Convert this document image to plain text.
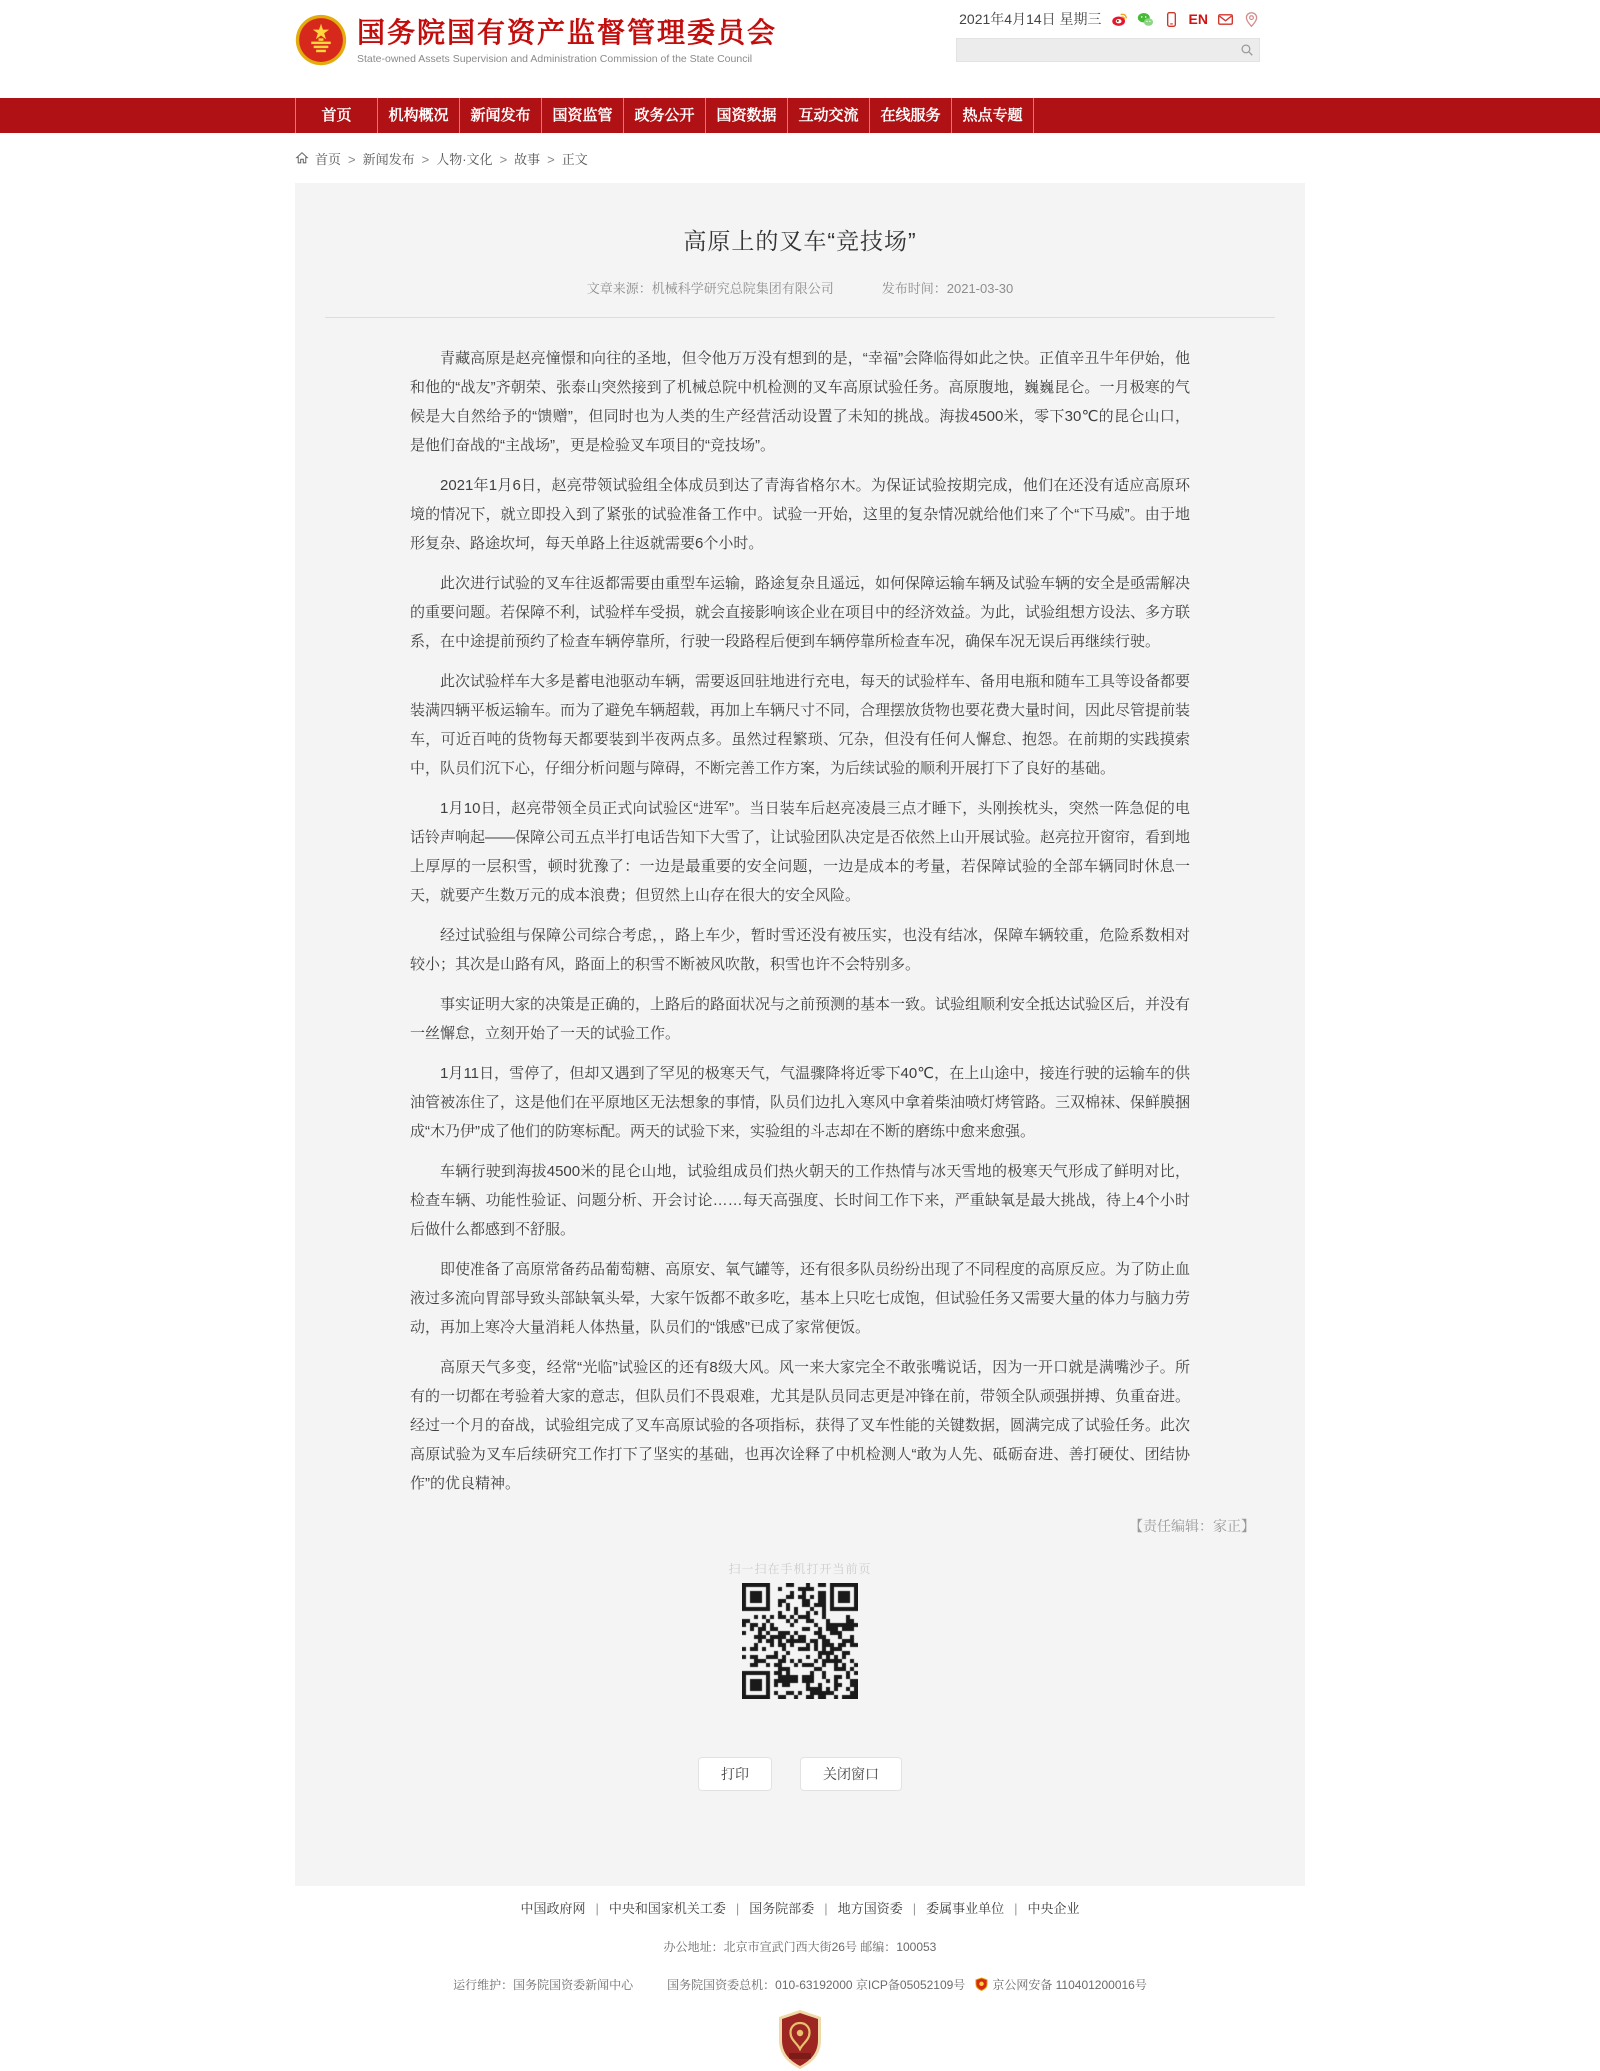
国务院国有资产监督管理委员会
State-owned Assets Supervision and Administration Commission of the State Council
2021年4月14日 星期三	EN
首页	机构概况	新闻发布	国资监管	政务公开	国资数据	互动交流	在线服务	热点专题
首页 > 新闻发布 > 人物·文化 > 故事 > 正文
高原上的叉车“竞技场”
文章来源：机械科学研究总院集团有限公司	发布时间：2021-03-30

青藏高原是赵亮憧憬和向往的圣地，但令他万万没有想到的是，“幸福”会降临得如此之快。正值辛丑牛年伊始，他和他的“战友”齐朝荣、张泰山突然接到了机械总院中机检测的叉车高原试验任务。高原腹地，巍巍昆仑。一月极寒的气候是大自然给予的“馈赠”，但同时也为人类的生产经营活动设置了未知的挑战。海拔4500米，零下30℃的昆仑山口，是他们奋战的“主战场”，更是检验叉车项目的“竞技场”。

2021年1月6日，赵亮带领试验组全体成员到达了青海省格尔木。为保证试验按期完成，他们在还没有适应高原环境的情况下，就立即投入到了紧张的试验准备工作中。试验一开始，这里的复杂情况就给他们来了个“下马威”。由于地形复杂、路途坎坷，每天单路上往返就需要6个小时。

此次进行试验的叉车往返都需要由重型车运输，路途复杂且遥远，如何保障运输车辆及试验车辆的安全是亟需解决的重要问题。若保障不利，试验样车受损，就会直接影响该企业在项目中的经济效益。为此，试验组想方设法、多方联系，在中途提前预约了检查车辆停靠所，行驶一段路程后便到车辆停靠所检查车况，确保车况无误后再继续行驶。

此次试验样车大多是蓄电池驱动车辆，需要返回驻地进行充电，每天的试验样车、备用电瓶和随车工具等设备都要装满四辆平板运输车。而为了避免车辆超载，再加上车辆尺寸不同，合理摆放货物也要花费大量时间，因此尽管提前装车，可近百吨的货物每天都要装到半夜两点多。虽然过程繁琐、冗杂，但没有任何人懈怠、抱怨。在前期的实践摸索中，队员们沉下心，仔细分析问题与障碍，不断完善工作方案，为后续试验的顺利开展打下了良好的基础。

1月10日，赵亮带领全员正式向试验区“进军”。当日装车后赵亮凌晨三点才睡下，头刚挨枕头，突然一阵急促的电话铃声响起——保障公司五点半打电话告知下大雪了，让试验团队决定是否依然上山开展试验。赵亮拉开窗帘，看到地上厚厚的一层积雪，顿时犹豫了：一边是最重要的安全问题，一边是成本的考量，若保障试验的全部车辆同时休息一天，就要产生数万元的成本浪费；但贸然上山存在很大的安全风险。

经过试验组与保障公司综合考虑，，路上车少，暂时雪还没有被压实，也没有结冰，保障车辆较重，危险系数相对较小；其次是山路有风，路面上的积雪不断被风吹散，积雪也许不会特别多。

事实证明大家的决策是正确的，上路后的路面状况与之前预测的基本一致。试验组顺利安全抵达试验区后，并没有一丝懈怠，立刻开始了一天的试验工作。

1月11日，雪停了，但却又遇到了罕见的极寒天气，气温骤降将近零下40℃，在上山途中，接连行驶的运输车的供油管被冻住了，这是他们在平原地区无法想象的事情，队员们边扎入寒风中拿着柴油喷灯烤管路。三双棉袜、保鲜膜捆成“木乃伊”成了他们的防寒标配。两天的试验下来，实验组的斗志却在不断的磨练中愈来愈强。

车辆行驶到海拔4500米的昆仑山地，试验组成员们热火朝天的工作热情与冰天雪地的极寒天气形成了鲜明对比，检查车辆、功能性验证、问题分析、开会讨论……每天高强度、长时间工作下来，严重缺氧是最大挑战，待上4个小时后做什么都感到不舒服。

即使准备了高原常备药品葡萄糖、高原安、氧气罐等，还有很多队员纷纷出现了不同程度的高原反应。为了防止血液过多流向胃部导致头部缺氧头晕，大家午饭都不敢多吃，基本上只吃七成饱，但试验任务又需要大量的体力与脑力劳动，再加上寒冷大量消耗人体热量，队员们的“饿感”已成了家常便饭。

高原天气多变，经常“光临”试验区的还有8级大风。风一来大家完全不敢张嘴说话，因为一开口就是满嘴沙子。所有的一切都在考验着大家的意志，但队员们不畏艰难，尤其是队员同志更是冲锋在前，带领全队顽强拼搏、负重奋进。经过一个月的奋战，试验组完成了叉车高原试验的各项指标，获得了叉车性能的关键数据，圆满完成了试验任务。此次高原试验为叉车后续研究工作打下了坚实的基础，也再次诠释了中机检测人“敢为人先、砥砺奋进、善打硬仗、团结协作”的优良精神。

【责任编辑：家正】
扫一扫在手机打开当前页
打印	关闭窗口
中国政府网 | 中央和国家机关工委 | 国务院部委 | 地方国资委 | 委属事业单位 | 中央企业
办公地址：北京市宣武门西大街26号 邮编：100053
运行维护：国务院国资委新闻中心	国务院国资委总机：010-63192000 京ICP备05052109号 京公网安备 110401200016号
